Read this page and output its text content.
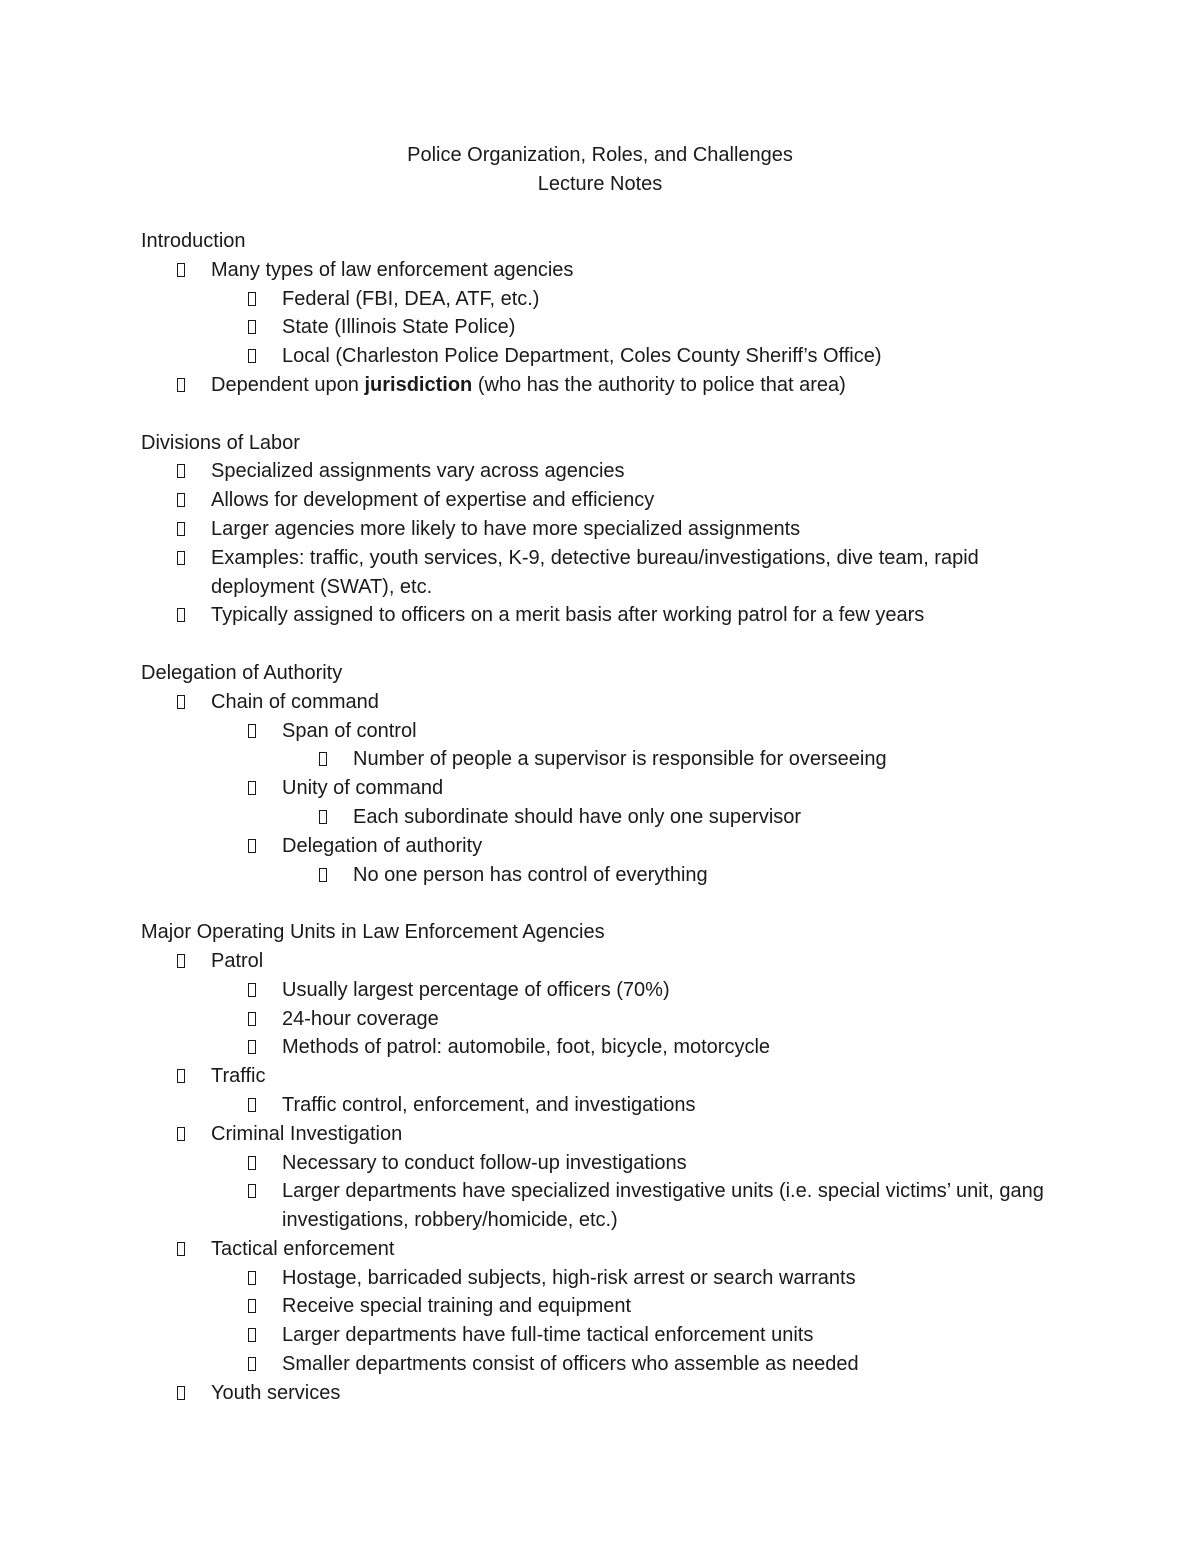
Police Organization, Roles, and Challenges
Lecture Notes
Introduction
Many types of law enforcement agencies
Federal (FBI, DEA, ATF, etc.)
State (Illinois State Police)
Local (Charleston Police Department, Coles County Sheriff’s Office)
Dependent upon jurisdiction (who has the authority to police that area)
Divisions of Labor
Specialized assignments vary across agencies
Allows for development of expertise and efficiency
Larger agencies more likely to have more specialized assignments
Examples: traffic, youth services, K-9, detective bureau/investigations, dive team, rapid deployment (SWAT), etc.
Typically assigned to officers on a merit basis after working patrol for a few years
Delegation of Authority
Chain of command
Span of control
Number of people a supervisor is responsible for overseeing
Unity of command
Each subordinate should have only one supervisor
Delegation of authority
No one person has control of everything
Major Operating Units in Law Enforcement Agencies
Patrol
Usually largest percentage of officers (70%)
24-hour coverage
Methods of patrol: automobile, foot, bicycle, motorcycle
Traffic
Traffic control, enforcement, and investigations
Criminal Investigation
Necessary to conduct follow-up investigations
Larger departments have specialized investigative units (i.e. special victims’ unit, gang investigations, robbery/homicide, etc.)
Tactical enforcement
Hostage, barricaded subjects, high-risk arrest or search warrants
Receive special training and equipment
Larger departments have full-time tactical enforcement units
Smaller departments consist of officers who assemble as needed
Youth services
